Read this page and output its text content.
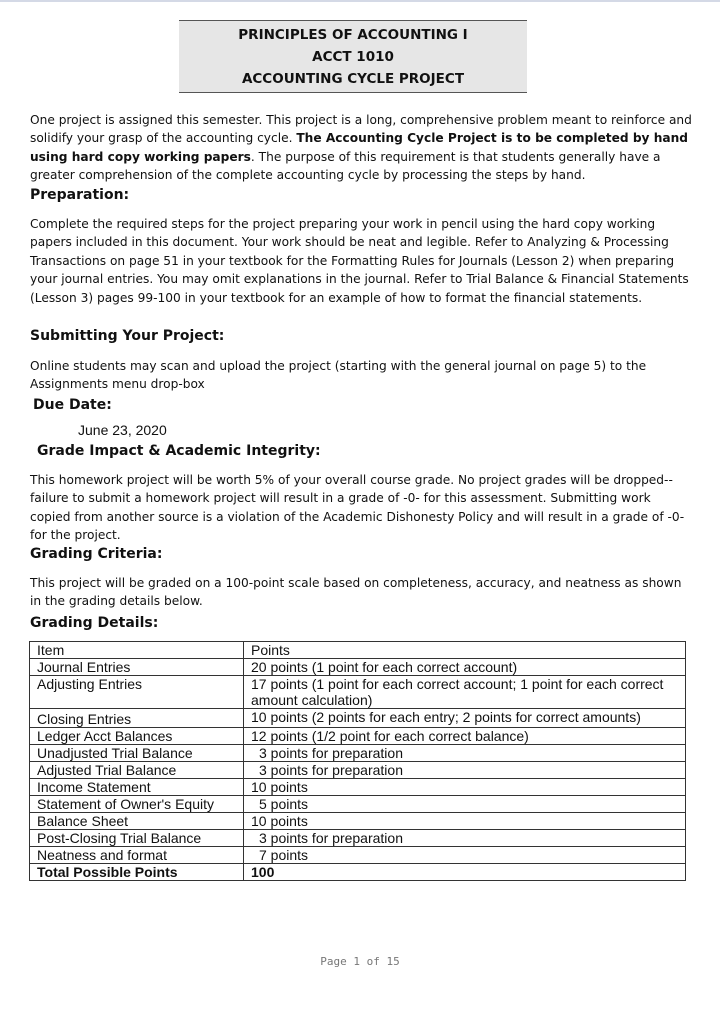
PRINCIPLES OF ACCOUNTING I
ACCT 1010
ACCOUNTING CYCLE PROJECT

One project is assigned this semester. This project is a long, comprehensive problem meant to reinforce and solidify your grasp of the accounting cycle. The Accounting Cycle Project is to be completed by hand using hard copy working papers. The purpose of this requirement is that students generally have a greater comprehension of the complete accounting cycle by processing the steps by hand.

Preparation:

Complete the required steps for the project preparing your work in pencil using the hard copy working papers included in this document. Your work should be neat and legible. Refer to Analyzing & Processing Transactions on page 51 in your textbook for the Formatting Rules for Journals (Lesson 2) when preparing your journal entries. You may omit explanations in the journal. Refer to Trial Balance & Financial Statements (Lesson 3) pages 99-100 in your textbook for an example of how to format the financial statements.

Submitting Your Project:

Online students may scan and upload the project (starting with the general journal on page 5) to the Assignments menu drop-box

Due Date:
June 23, 2020
Grade Impact & Academic Integrity:

This homework project will be worth 5% of your overall course grade. No project grades will be dropped--failure to submit a homework project will result in a grade of -0- for this assessment. Submitting work copied from another source is a violation of the Academic Dishonesty Policy and will result in a grade of -0- for the project.

Grading Criteria:

This project will be graded on a 100-point scale based on completeness, accuracy, and neatness as shown in the grading details below.

Grading Details:
Item	Points
Journal Entries	20 points (1 point for each correct account)
Adjusting Entries	17 points (1 point for each correct account; 1 point for each correct amount calculation)
Closing Entries	10 points (2 points for each entry; 2 points for correct amounts)
Ledger Acct Balances	12 points (1/2 point for each correct balance)
Unadjusted Trial Balance	3 points for preparation
Adjusted Trial Balance	3 points for preparation
Income Statement	10 points
Statement of Owner's Equity	5 points
Balance Sheet	10 points
Post-Closing Trial Balance	3 points for preparation
Neatness and format	7 points
Total Possible Points	100
Page 1 of 15
